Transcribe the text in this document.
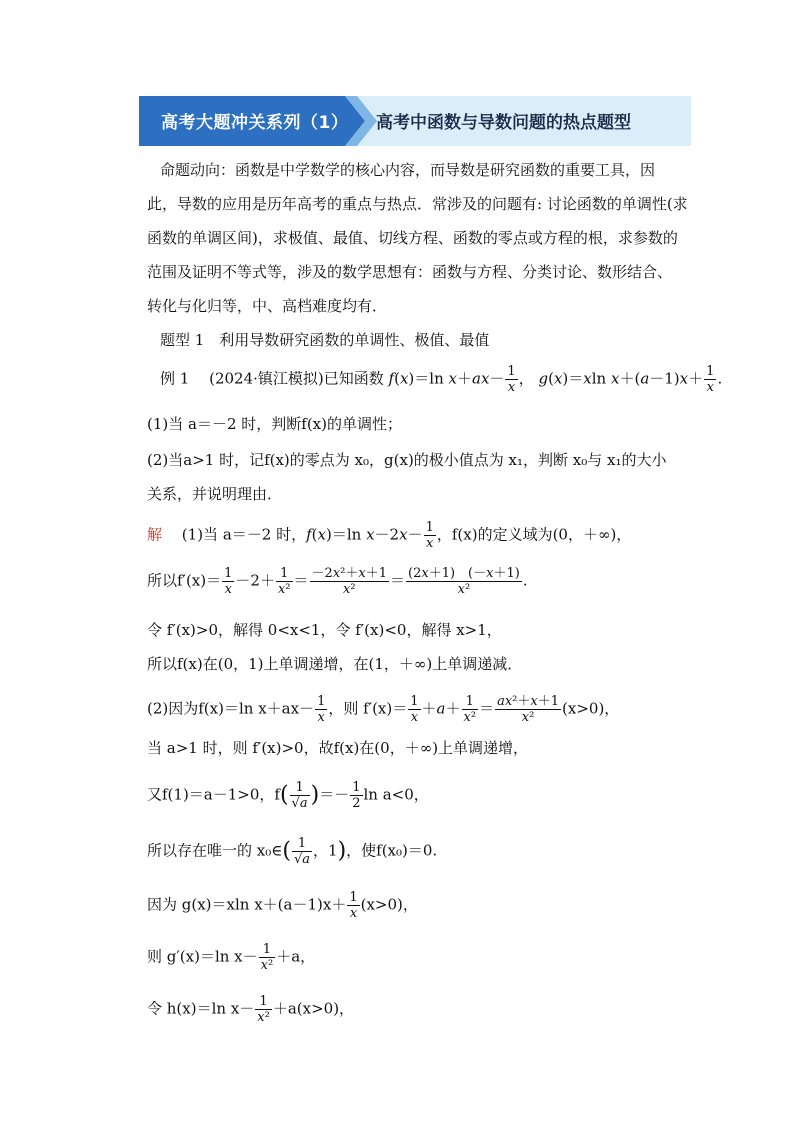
高考大题冲关系列（1） 高考中函数与导数问题的热点题型
命题动向：函数是中学数学的核心内容，而导数是研究函数的重要工具，因
此，导数的应用是历年高考的重点与热点．常涉及的问题有: 讨论函数的单调性(求
函数的单调区间)，求极值、最值、切线方程、函数的零点或方程的根，求参数的
范围及证明不等式等，涉及的数学思想有：函数与方程、分类讨论、数形结合、
转化与化归等，中、高档难度均有．
题型 1　利用导数研究函数的单调性、极值、最值
例 1　 (2024·镇江模拟)已知函数 f(x)＝ln $x+ax- \frac{1}{x}$ ， g(x)＝xln $x+(a-1)x+ \frac{1}{x}$ .
(1)当 a＝－2 时，判断f(x)的单调性；
(2)当a>1 时，记f(x)的零点为 x₀，g(x)的极小值点为 x₁，判断 x₀与 x₁的大小
关系，并说明理由．
解　 (1)当 a＝－2 时，f(x)＝ln $x-2x- \frac{1}{x}$ ，f(x)的定义域为(0，＋∞)，
所以$f'(x)= \frac{1}{x} -2+ \frac{1}{\text{x²}} = \frac{\text{－2x²＋x＋1}}{\text{x²}} = \frac{(2x+1) (-x+1)}{\text{x²}}$ .
令 f′(x)>0，解得 0<x<1，令 f′(x)<0，解得 x>1，
所以f(x)在(0，1)上单调递增，在(1，＋∞)上单调递减．
(2)因为f(x)＝ln $x+ax- \frac{1}{x}$ ，则 $f'(x)= \frac{1}{x} +a+ \frac{1}{\text{x²}} = \frac{\text{ax²＋x＋1}}{\text{x²}} (x>0)$，
当 a>1 时，则 f′(x)>0，故f(x)在(0，＋∞)上单调递增，
又f(1)＝a－1>0，$f( \frac{1}{√a}$ )＝－ $\frac{1}{2}$ ln a<0，
所以存在唯一的 x₀∈( $\frac{1}{√a}$ ，1)，使f(x₀)＝0.
因为 g(x)＝xln $x+(a-1)x+ \frac{1}{x} (x>0)$，
则 g′(x)＝ln $x- \frac{1}{\text{x²}} +a$，
令 h(x)＝ln $x- \frac{1}{\text{x²}} +a(x>0)$，
